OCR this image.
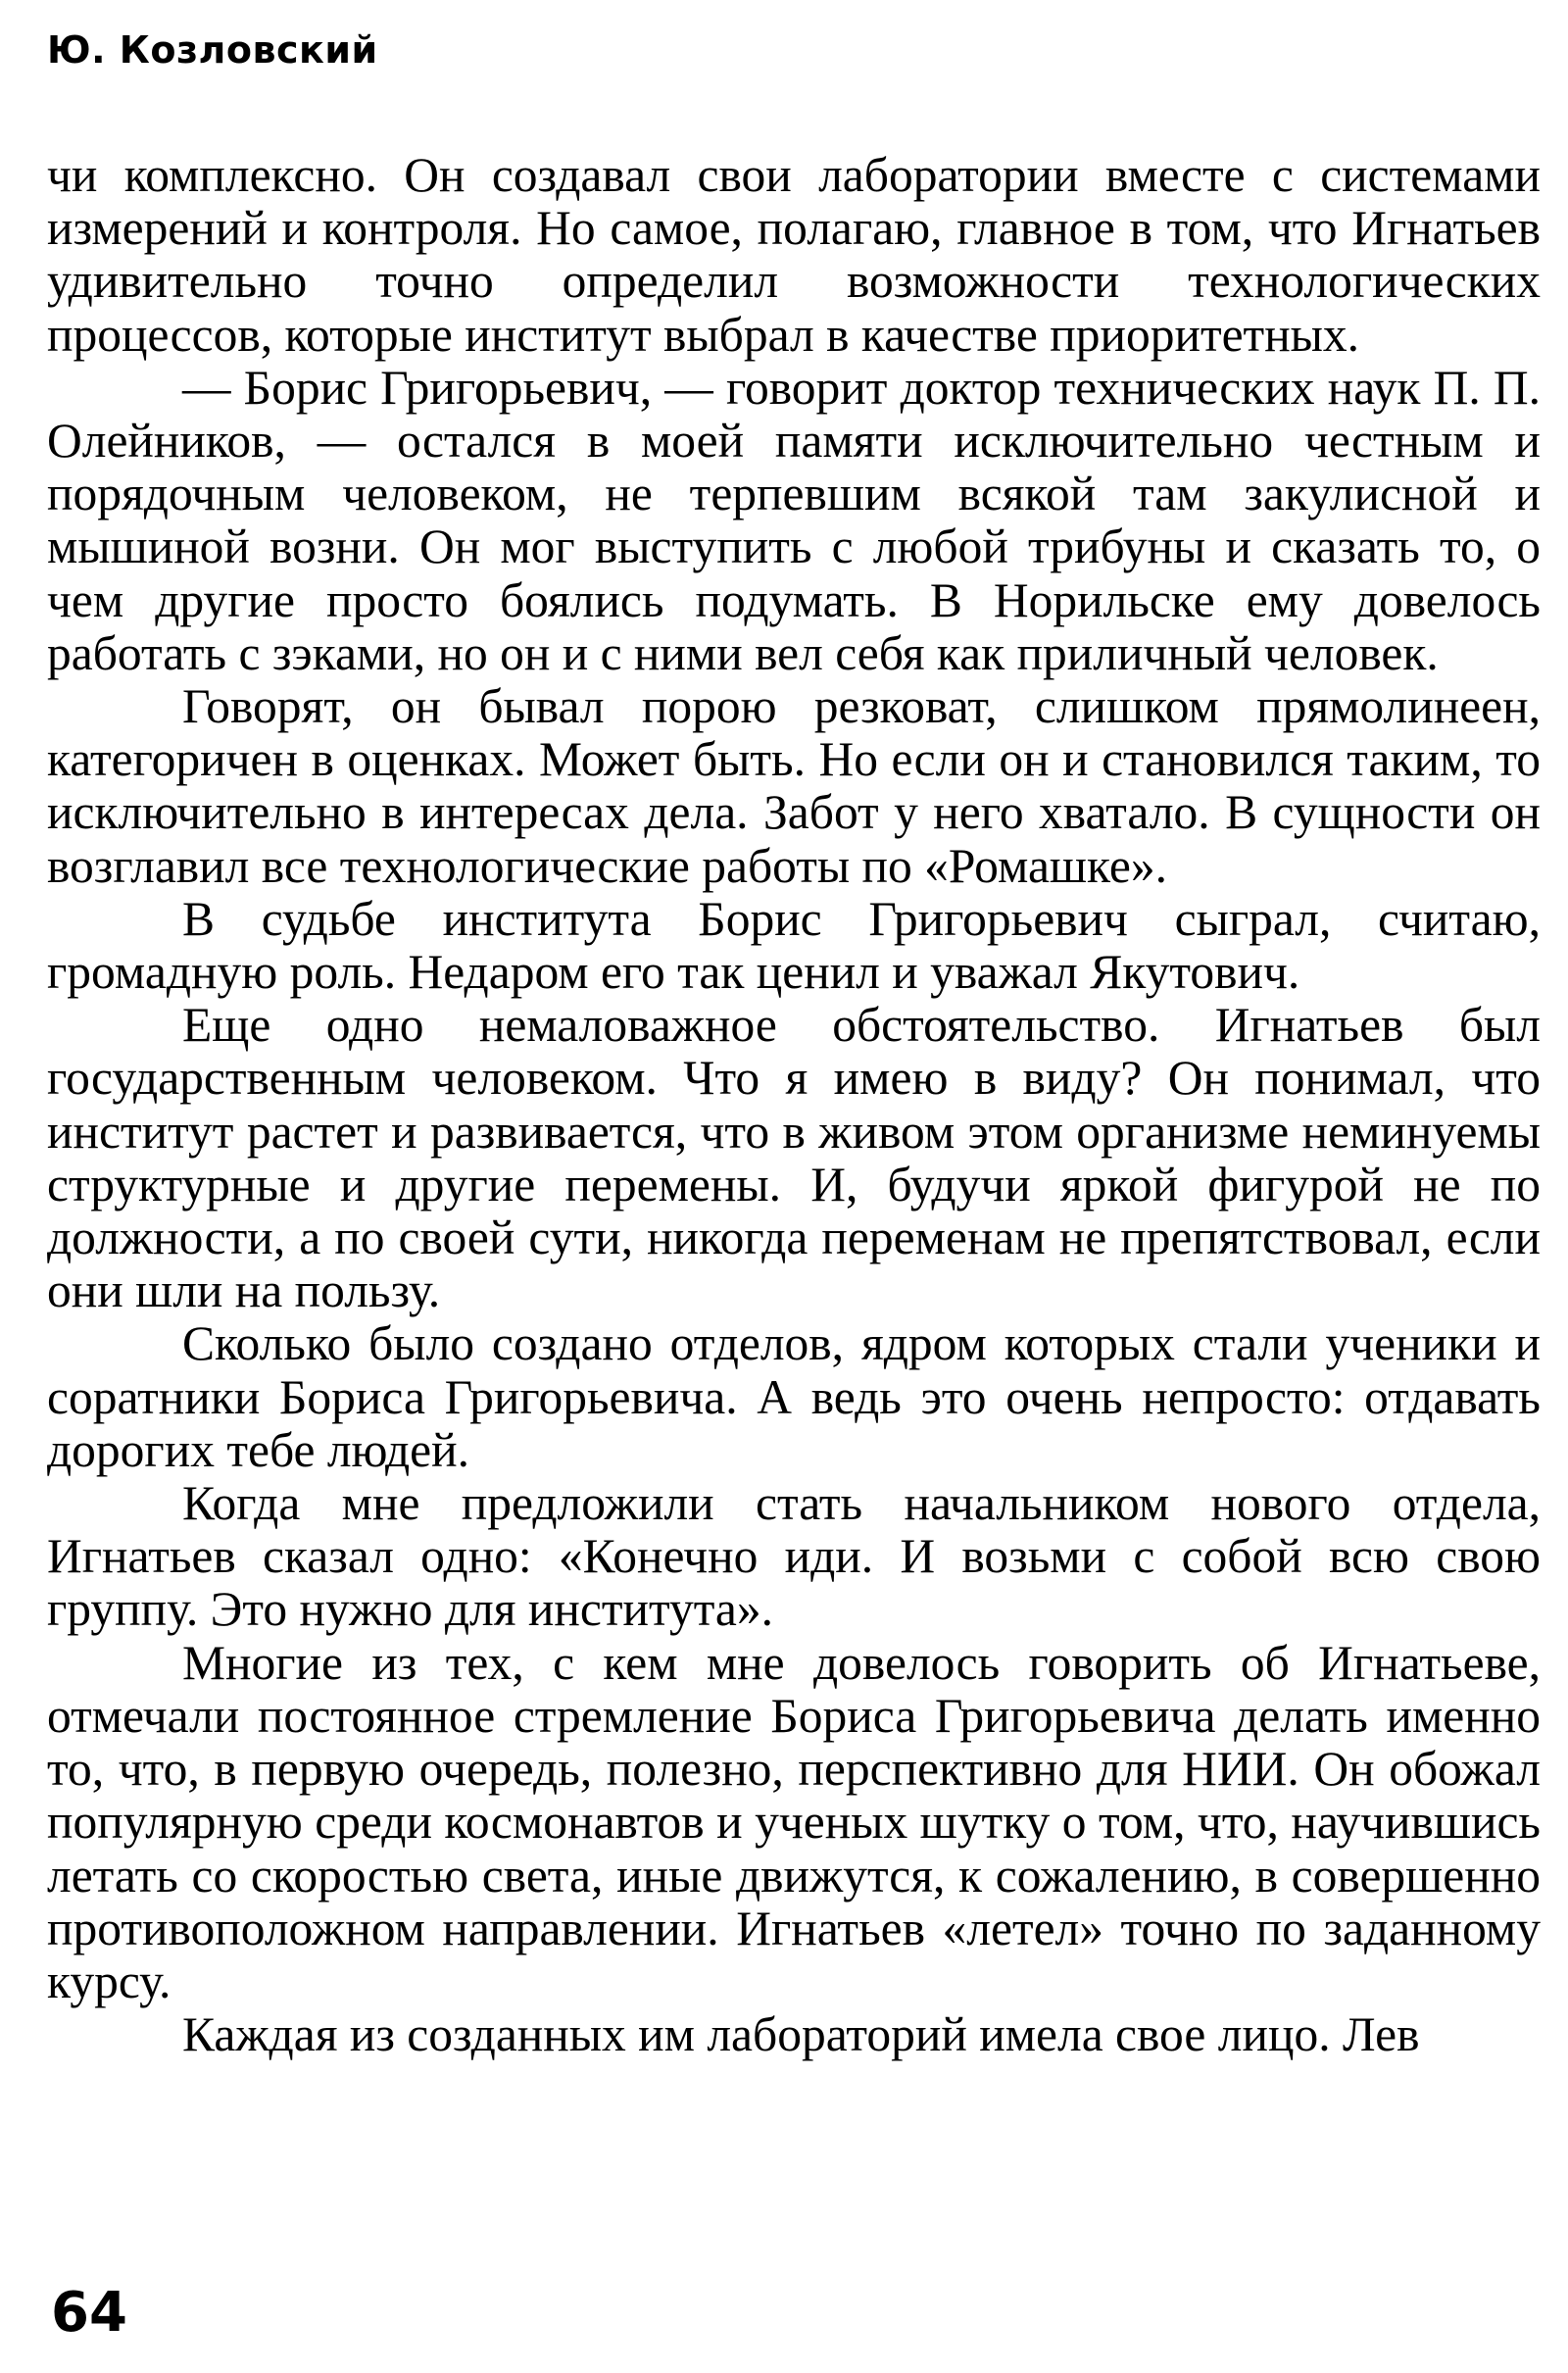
Ю. Козловский

чи комплексно. Он создавал свои лаборатории вместе с системами измерений и контроля. Но самое, полагаю, главное в том, что Игнатьев удивительно точно определил возможности технологических процессов, которые институт выбрал в качестве приоритетных.

— Борис Григорьевич, — говорит доктор технических наук П. П. Олейников, — остался в моей памяти исключительно честным и порядочным человеком, не терпевшим всякой там закулисной и мышиной возни. Он мог выступить с любой трибуны и сказать то, о чем другие просто боялись подумать. В Норильске ему довелось работать с зэками, но он и с ними вел себя как приличный человек.

Говорят, он бывал порою резковат, слишком прямолинеен, категоричен в оценках. Может быть. Но если он и становился таким, то исключительно в интересах дела. Забот у него хватало. В сущности он возглавил все технологические работы по «Ромашке».

В судьбе института Борис Григорьевич сыграл, считаю, громадную роль. Недаром его так ценил и уважал Якутович.

Еще одно немаловажное обстоятельство. Игнатьев был государственным человеком. Что я имею в виду? Он понимал, что институт растет и развивается, что в живом этом организме неминуемы структурные и другие перемены. И, будучи яркой фигурой не по должности, а по своей сути, никогда переменам не препятствовал, если они шли на пользу.

Сколько было создано отделов, ядром которых стали ученики и соратники Бориса Григорьевича. А ведь это очень непросто: отдавать дорогих тебе людей.

Когда мне предложили стать начальником нового отдела, Игнатьев сказал одно: «Конечно иди. И возьми с собой всю свою группу. Это нужно для института».

Многие из тех, с кем мне довелось говорить об Игнатьеве, отмечали постоянное стремление Бориса Григорьевича делать именно то, что, в первую очередь, полезно, перспективно для НИИ. Он обожал популярную среди космонавтов и ученых шутку о том, что, научившись летать со скоростью света, иные движутся, к сожалению, в совершенно противоположном направлении. Игнатьев «летел» точно по заданному курсу.

Каждая из созданных им лабораторий имела свое лицо. Лев

64
